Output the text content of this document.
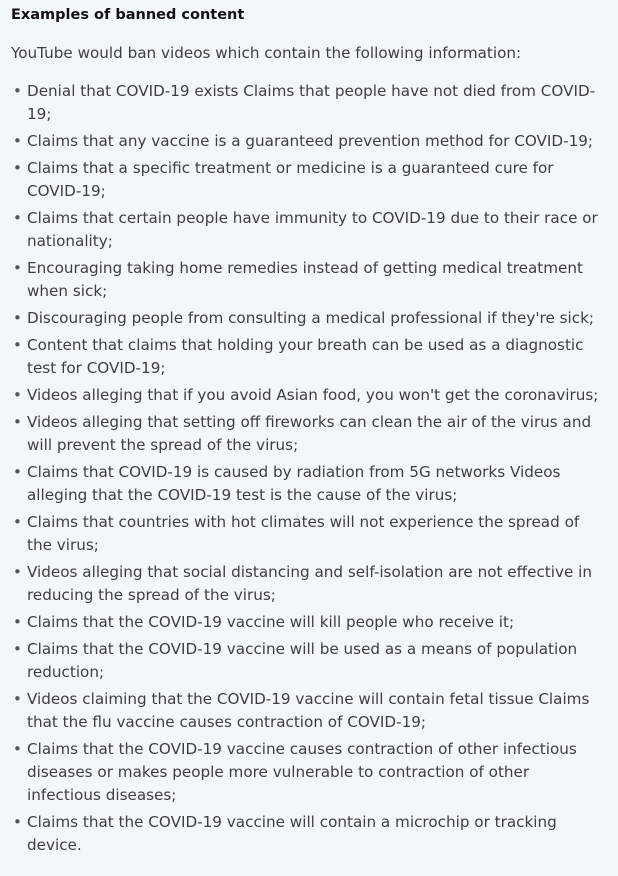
Examples of banned content

YouTube would ban videos which contain the following information:

• Denial that COVID-19 exists Claims that people have not died from COVID-19;
• Claims that any vaccine is a guaranteed prevention method for COVID-19;
• Claims that a specific treatment or medicine is a guaranteed cure for COVID-19;
• Claims that certain people have immunity to COVID-19 due to their race or nationality;
• Encouraging taking home remedies instead of getting medical treatment when sick;
• Discouraging people from consulting a medical professional if they're sick;
• Content that claims that holding your breath can be used as a diagnostic test for COVID-19;
• Videos alleging that if you avoid Asian food, you won't get the coronavirus;
• Videos alleging that setting off fireworks can clean the air of the virus and will prevent the spread of the virus;
• Claims that COVID-19 is caused by radiation from 5G networks Videos alleging that the COVID-19 test is the cause of the virus;
• Claims that countries with hot climates will not experience the spread of the virus;
• Videos alleging that social distancing and self-isolation are not effective in reducing the spread of the virus;
• Claims that the COVID-19 vaccine will kill people who receive it;
• Claims that the COVID-19 vaccine will be used as a means of population reduction;
• Videos claiming that the COVID-19 vaccine will contain fetal tissue Claims that the flu vaccine causes contraction of COVID-19;
• Claims that the COVID-19 vaccine causes contraction of other infectious diseases or makes people more vulnerable to contraction of other infectious diseases;
• Claims that the COVID-19 vaccine will contain a microchip or tracking device.
